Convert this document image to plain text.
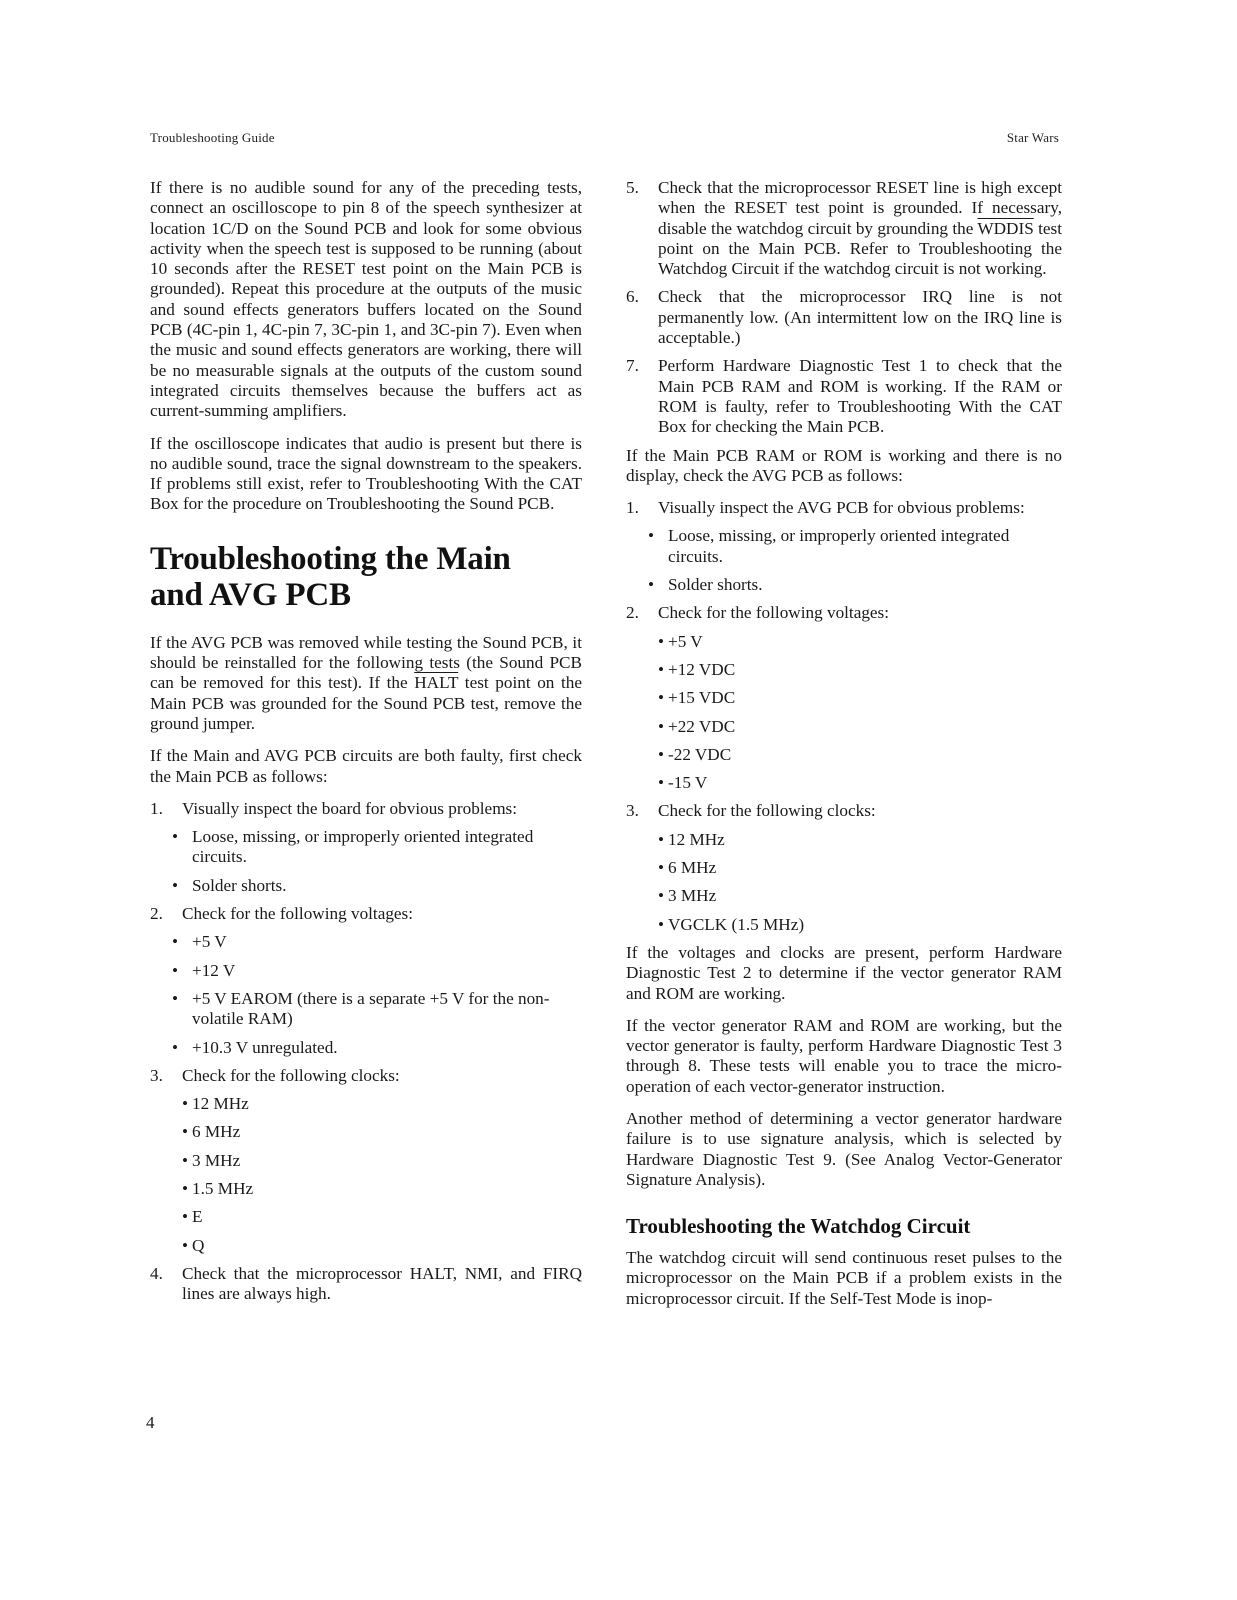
Troubleshooting Guide	Star Wars

If there is no audible sound for any of the preceding tests, connect an oscilloscope to pin 8 of the speech synthesizer at location 1C/D on the Sound PCB and look for some obvious activity when the speech test is supposed to be running (about 10 seconds after the RESET test point on the Main PCB is grounded). Repeat this procedure at the outputs of the music and sound effects generators buffers located on the Sound PCB (4C-pin 1, 4C-pin 7, 3C-pin 1, and 3C-pin 7). Even when the music and sound effects generators are working, there will be no measurable signals at the outputs of the custom sound integrated circuits themselves because the buffers act as current-summing amplifiers.

If the oscilloscope indicates that audio is present but there is no audible sound, trace the signal downstream to the speakers. If problems still exist, refer to Troubleshooting With the CAT Box for the procedure on Troubleshooting the Sound PCB.

Troubleshooting the Main
and AVG PCB

If the AVG PCB was removed while testing the Sound PCB, it should be reinstalled for the following tests (the Sound PCB can be removed for this test). If the HALT test point on the Main PCB was grounded for the Sound PCB test, remove the ground jumper.

If the Main and AVG PCB circuits are both faulty, first check the Main PCB as follows:

1.	Visually inspect the board for obvious problems:
• Loose, missing, or improperly oriented integrated circuits.
• Solder shorts.
2.	Check for the following voltages:
• +5 V
• +12 V
• +5 V EAROM (there is a separate +5 V for the non-volatile RAM)
• +10.3 V unregulated.
3.	Check for the following clocks:
• 12 MHz
• 6 MHz
• 3 MHz
• 1.5 MHz
• E
• Q
4.	Check that the microprocessor HALT, NMI, and FIRQ lines are always high.
5.	Check that the microprocessor RESET line is high except when the RESET test point is grounded. If necessary, disable the watchdog circuit by grounding the WDDIS test point on the Main PCB. Refer to Troubleshooting the Watchdog Circuit if the watchdog circuit is not working.
6.	Check that the microprocessor IRQ line is not permanently low. (An intermittent low on the IRQ line is acceptable.)
7.	Perform Hardware Diagnostic Test 1 to check that the Main PCB RAM and ROM is working. If the RAM or ROM is faulty, refer to Troubleshooting With the CAT Box for checking the Main PCB.

If the Main PCB RAM or ROM is working and there is no display, check the AVG PCB as follows:

1.	Visually inspect the AVG PCB for obvious problems:
• Loose, missing, or improperly oriented integrated circuits.
• Solder shorts.
2.	Check for the following voltages:
• +5 V
• +12 VDC
• +15 VDC
• +22 VDC
• -22 VDC
• -15 V
3.	Check for the following clocks:
• 12 MHz
• 6 MHz
• 3 MHz
• VGCLK (1.5 MHz)

If the voltages and clocks are present, perform Hardware Diagnostic Test 2 to determine if the vector generator RAM and ROM are working.

If the vector generator RAM and ROM are working, but the vector generator is faulty, perform Hardware Diagnostic Test 3 through 8. These tests will enable you to trace the micro-operation of each vector-generator instruction.

Another method of determining a vector generator hardware failure is to use signature analysis, which is selected by Hardware Diagnostic Test 9. (See Analog Vector-Generator Signature Analysis).

Troubleshooting the Watchdog Circuit

The watchdog circuit will send continuous reset pulses to the microprocessor on the Main PCB if a problem exists in the microprocessor circuit. If the Self-Test Mode is inop-

4
